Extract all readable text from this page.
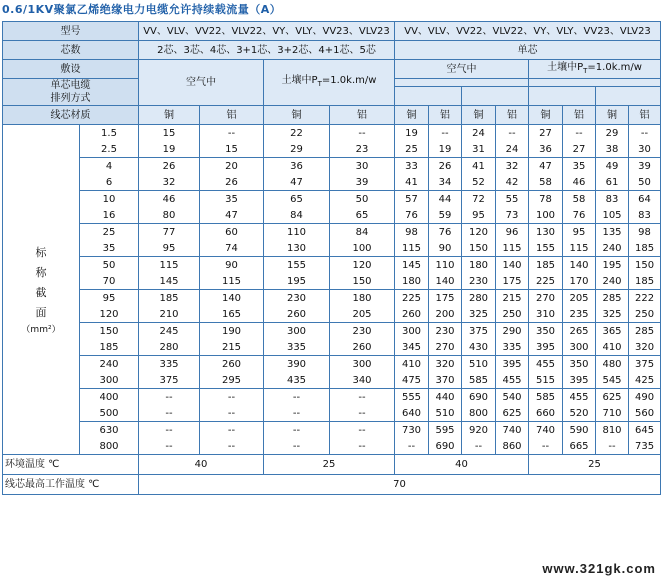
0.6/1KV聚氯乙烯绝缘电力电缆允许持续载流量（A）
型号		VV、VLV、VV22、VLV22、VY、VLY、VV23、VLV23				VV、VLV、VV22、VLV22、VY、VLY、VV23、VLV23							
芯数		2芯、3芯、4芯、3+1芯、3+2芯、4+1芯、5芯				单芯							
敷设		空气中		土壤中$P_T=1.0k.m/w$		空气中				土壤中$P_T=1.0k.m/w$			
单芯电缆
排列方式													

线芯材质		铜	铝	铜	铝	铜	铝	铜	铝	铜	铝	铜	铝

标
称
截
面
（mm²）	1.5	15	--	22	--	19	--	24	--	27	--	29	--
	2.5	19	15	29	23	25	19	31	24	36	27	38	30
	4	26	20	36	30	33	26	41	32	47	35	49	39
	6	32	26	47	39	41	34	52	42	58	46	61	50
	10	46	35	65	50	57	44	72	55	78	58	83	64
	16	80	47	84	65	76	59	95	73	100	76	105	83
	25	77	60	110	84	98	76	120	96	130	95	135	98
	35	95	74	130	100	115	90	150	115	155	115	240	185
	50	115	90	155	120	145	110	180	140	185	140	195	150
	70	145	115	195	150	180	140	230	175	225	170	240	185
	95	185	140	230	180	225	175	280	215	270	205	285	222
	120	210	165	260	205	260	200	325	250	310	235	325	250
	150	245	190	300	230	300	230	375	290	350	265	365	285
	185	280	215	335	260	345	270	430	335	395	300	410	320
	240	335	260	390	300	410	320	510	395	455	350	480	375
	300	375	295	435	340	475	370	585	455	515	395	545	425
	400	--	--	--	--	555	440	690	540	585	455	625	490
	500	--	--	--	--	640	510	800	625	660	520	710	560
	630	--	--	--	--	730	595	920	740	740	590	810	645
	800	--	--	--	--	--	690	--	860	--	665	--	735
环境温度 ℃		40		25		40				25			
线芯最高工作温度 ℃		70											
www.321gk.com
